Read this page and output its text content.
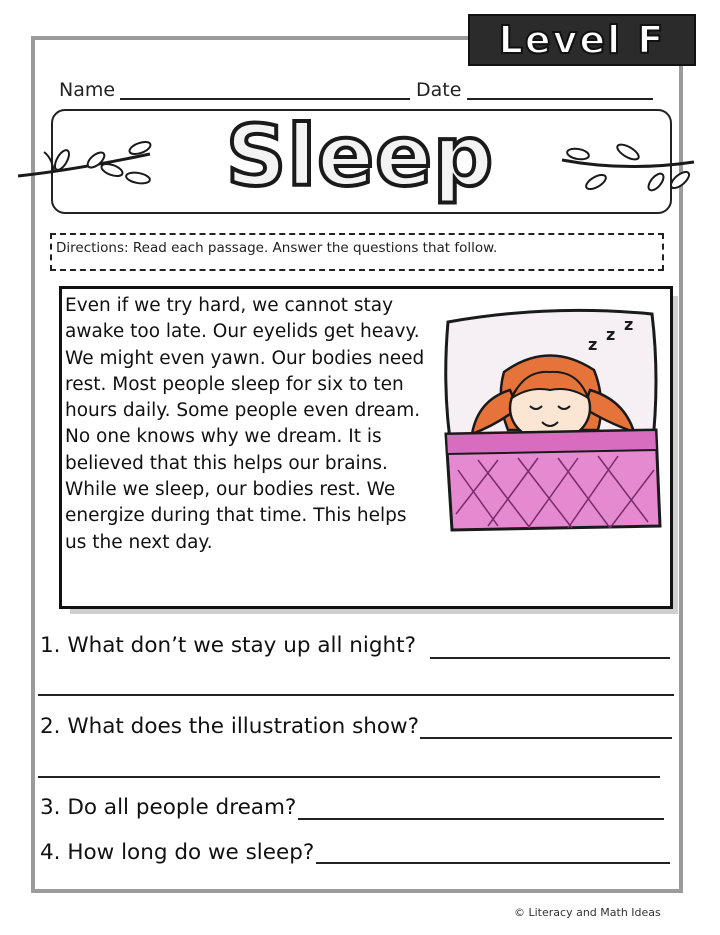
Level F
Name	Date
Sleep
Directions: Read each passage. Answer the questions that follow.
Even if we try hard, we cannot stay
awake too late. Our eyelids get heavy.
We might even yawn. Our bodies need
rest. Most people sleep for six to ten
hours daily. Some people even dream.
No one knows why we dream. It is
believed that this helps our brains.
While we sleep, our bodies rest. We
energize during that time. This helps
us the next day.
z
z
z
1. What don’t we stay up all night?
2. What does the illustration show?
3. Do all people dream?
4. How long do we sleep?
© Literacy and Math Ideas
